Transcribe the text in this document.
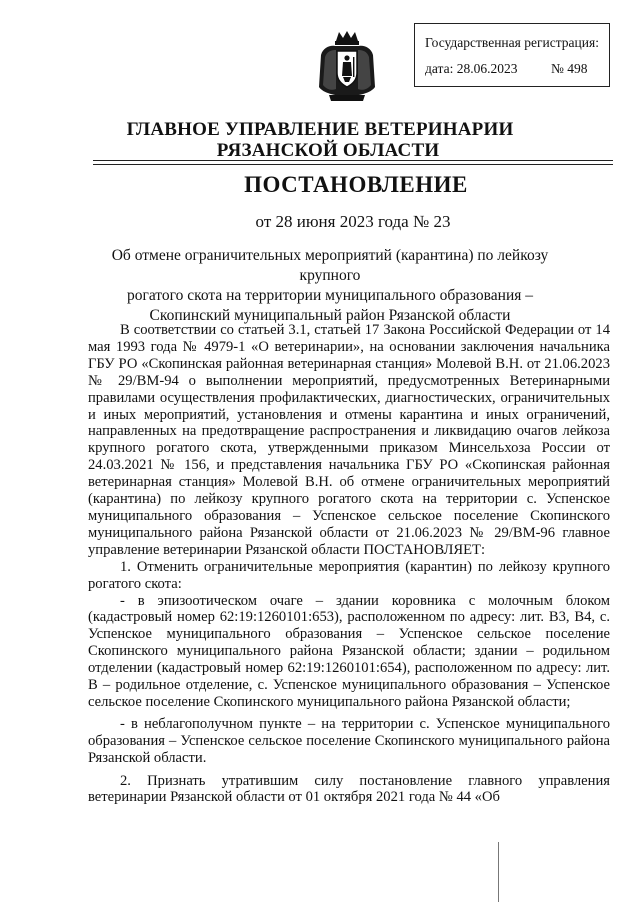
Государственная регистрация:
дата: 28.06.2023 № 498
ГЛАВНОЕ УПРАВЛЕНИЕ ВЕТЕРИНАРИИ
РЯЗАНСКОЙ ОБЛАСТИ
ПОСТАНОВЛЕНИЕ
от 28 июня 2023 года № 23
Об отмене ограничительных мероприятий (карантина) по лейкозу крупного
рогатого скота на территории муниципального образования –
Скопинский муниципальный район Рязанской области

В соответствии со статьей 3.1, статьей 17 Закона Российской Федерации от 14 мая 1993 года № 4979-1 «О ветеринарии», на основании заключения начальника ГБУ РО «Скопинская районная ветеринарная станция» Молевой В.Н. от 21.06.2023 № 29/ВМ-94 о выполнении мероприятий, предусмотренных Ветеринарными правилами осуществления профилактических, диагностических, ограничительных и иных мероприятий, установления и отмены карантина и иных ограничений, направленных на предотвращение распространения и ликвидацию очагов лейкоза крупного рогатого скота, утвержденными приказом Минсельхоза России от 24.03.2021 № 156, и представления начальника ГБУ РО «Скопинская районная ветеринарная станция» Молевой В.Н. об отмене ограничительных мероприятий (карантина) по лейкозу крупного рогатого скота на территории с. Успенское муниципального образования – Успенское сельское поселение Скопинского муниципального района Рязанской области от 21.06.2023 № 29/ВМ-96 главное управление ветеринарии Рязанской области ПОСТАНОВЛЯЕТ:

1. Отменить ограничительные мероприятия (карантин) по лейкозу крупного рогатого скота:

- в эпизоотическом очаге – здании коровника с молочным блоком (кадастровый номер 62:19:1260101:653), расположенном по адресу: лит. В3, В4, с. Успенское муниципального образования – Успенское сельское поселение Скопинского муниципального района Рязанской области; здании – родильном отделении (кадастровый номер 62:19:1260101:654), расположенном по адресу: лит. В – родильное отделение, с. Успенское муниципального образования – Успенское сельское поселение Скопинского муниципального района Рязанской области;

- в неблагополучном пункте – на территории с. Успенское муниципального образования – Успенское сельское поселение Скопинского муниципального района Рязанской области.

2. Признать утратившим силу постановление главного управления ветеринарии Рязанской области от 01 октября 2021 года № 44 «Об
